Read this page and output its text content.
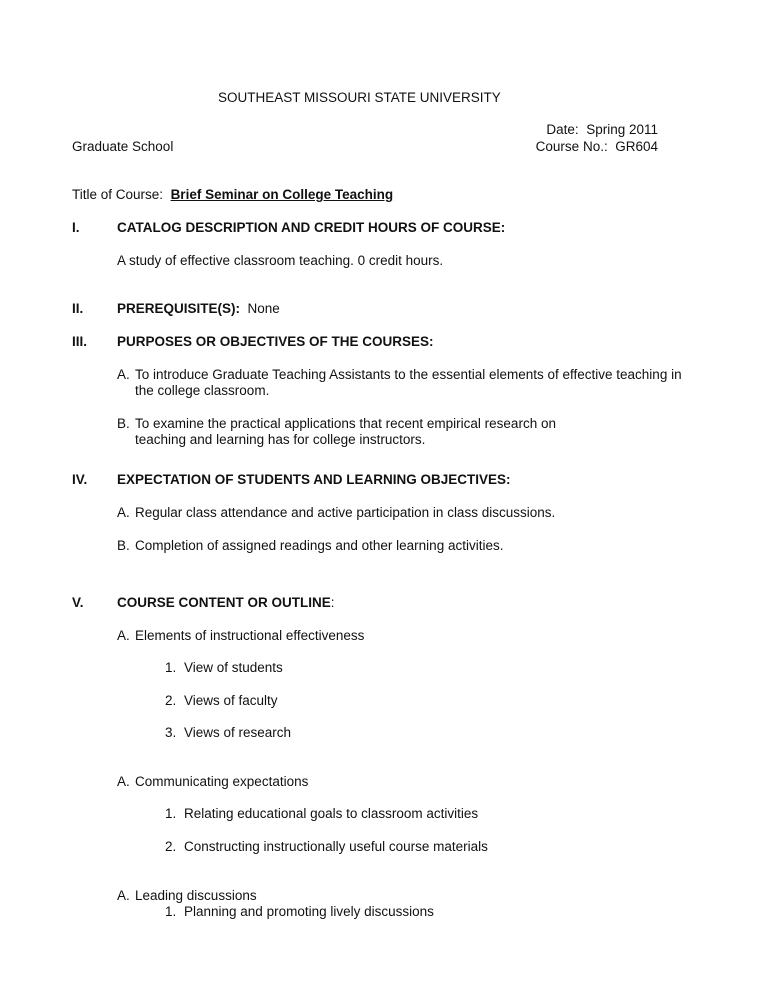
SOUTHEAST MISSOURI STATE UNIVERSITY
Graduate School
Date: Spring 2011
Course No.: GR604
Title of Course: Brief Seminar on College Teaching
I.	CATALOG DESCRIPTION AND CREDIT HOURS OF COURSE:
A study of effective classroom teaching. 0 credit hours.
II. PREREQUISITE(S): None
III. PURPOSES OR OBJECTIVES OF THE COURSES:
A. To introduce Graduate Teaching Assistants to the essential elements of effective teaching in the college classroom.
B. To examine the practical applications that recent empirical research on teaching and learning has for college instructors.
IV. EXPECTATION OF STUDENTS AND LEARNING OBJECTIVES:
A. Regular class attendance and active participation in class discussions.
B. Completion of assigned readings and other learning activities.
V. COURSE CONTENT OR OUTLINE:
A. Elements of instructional effectiveness
1. View of students
2. Views of faculty
3. Views of research
A. Communicating expectations
1. Relating educational goals to classroom activities
2. Constructing instructionally useful course materials
A. Leading discussions
1. Planning and promoting lively discussions
